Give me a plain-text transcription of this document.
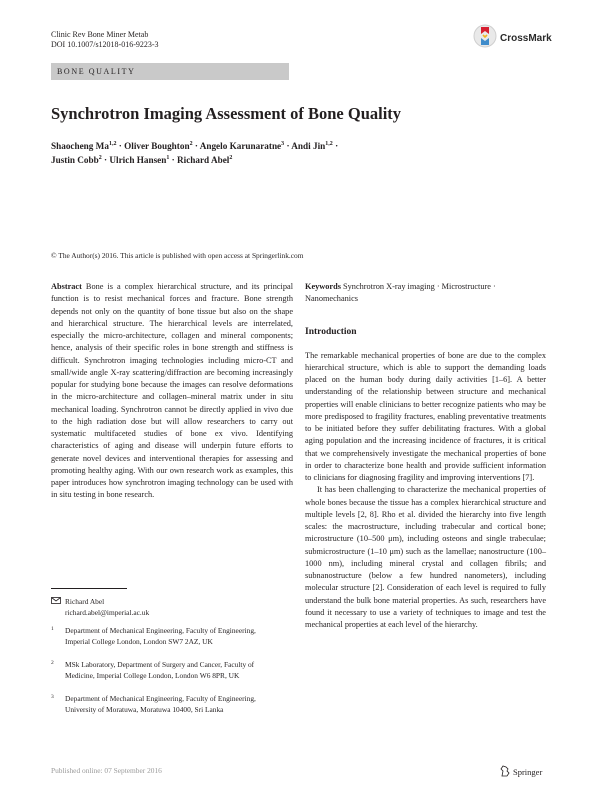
Clinic Rev Bone Miner Metab
DOI 10.1007/s12018-016-9223-3
CrossMark
BONE QUALITY
Synchrotron Imaging Assessment of Bone Quality
Shaocheng Ma$^{1,2}$ · Oliver Boughton$^2$ · Angelo Karunaratne$^3$ · Andi Jin$^{1,2}$ ·
Justin Cobb$^2$ · Ulrich Hansen$^1$ · Richard Abel$^2$
© The Author(s) 2016. This article is published with open access at Springerlink.com

Abstract Bone is a complex hierarchical structure, and its principal function is to resist mechanical forces and fracture. Bone strength depends not only on the quantity of bone tissue but also on the shape and hierarchical structure. The hierarchical levels are interrelated, especially the micro-architecture, collagen and mineral components; hence, analysis of their specific roles in bone strength and stiffness is difficult. Synchrotron imaging technologies including micro-CT and small/wide angle X-ray scattering/diffraction are becoming increasingly popular for studying bone because the images can resolve deformations in the micro-architecture and collagen–mineral matrix under in situ mechanical loading. Synchrotron cannot be directly applied in vivo due to the high radiation dose but will allow researchers to carry out systematic multifaceted studies of bone ex vivo. Identifying characteristics of aging and disease will underpin future efforts to generate novel devices and interventional therapies for assessing and promoting healthy aging. With our own research work as examples, this paper introduces how synchrotron imaging technology can be used with in situ testing in bone research.

Richard Abel
richard.abel@imperial.ac.uk
1 Department of Mechanical Engineering, Faculty of Engineering, Imperial College London, London SW7 2AZ, UK
2 MSk Laboratory, Department of Surgery and Cancer, Faculty of Medicine, Imperial College London, London W6 8PR, UK
3 Department of Mechanical Engineering, Faculty of Engineering, University of Moratuwa, Moratuwa 10400, Sri Lanka

Keywords Synchrotron X-ray imaging · Microstructure · Nanomechanics

Introduction

The remarkable mechanical properties of bone are due to the complex hierarchical structure, which is able to support the demanding loads placed on the human body during daily activities [1–6]. A better understanding of the relationship between structure and mechanical properties will enable clinicians to better recognize patients who may be more predisposed to fragility fractures, enabling preventative treatments to be initiated before they suffer debilitating fractures. With a global aging population and the increasing incidence of fractures, it is critical that we comprehensively investigate the mechanical properties of bone in order to characterize bone health and provide sufficient information to clinicians for diagnosing fragility and improving interventions [7].

It has been challenging to characterize the mechanical properties of whole bones because the tissue has a complex hierarchical structure and multiple levels [2, 8]. Rho et al. divided the hierarchy into five length scales: the macrostructure, including trabecular and cortical bone; microstructure (10–500 μm), including osteons and single trabeculae; submicrostructure (1–10 μm) such as the lamellae; nanostructure (100–1000 nm), including mineral crystal and collagen fibrils; and subnanostructure (below a few hundred nanometers), including molecular structure [2]. Consideration of each level is required to fully understand the bulk bone material properties. As such, researchers have found it necessary to use a variety of techniques to image and test the mechanical properties at each level of the hierarchy.

Published online: 07 September 2016	Springer
